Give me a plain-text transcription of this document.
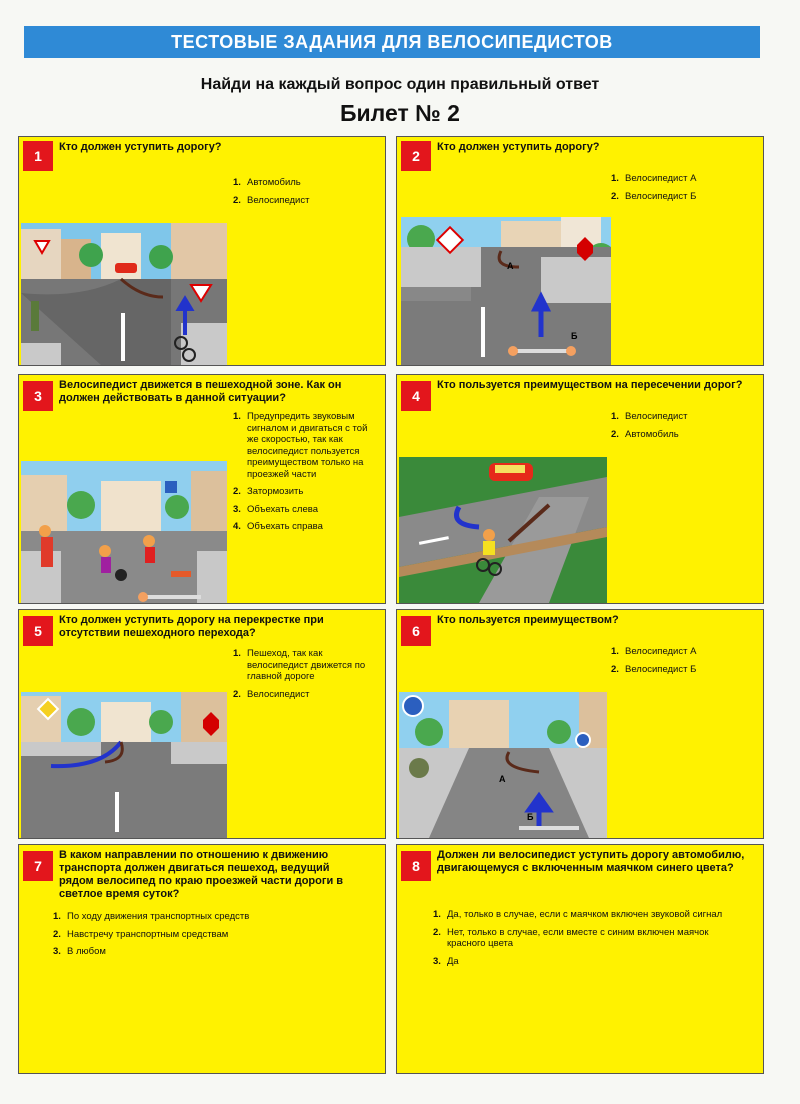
ТЕСТОВЫЕ ЗАДАНИЯ ДЛЯ ВЕЛОСИПЕДИСТОВ
Найди на каждый вопрос один правильный ответ
Билет № 2
1
Кто должен уступить дорогу?
1. Автомобиль
2. Велосипедист
2
Кто должен уступить дорогу?
1. Велосипедист А
2. Велосипедист Б
А
Б
3
Велосипедист движется в пешеходной зоне. Как он должен действовать в данной ситуации?
1. Предупредить звуковым сигналом и двигаться с той же скоростью, так как велосипедист пользуется преимуществом только на проезжей части
2. Затормозить
3. Объехать слева
4. Объехать справа
4
Кто пользуется преимуществом на пересечении дорог?
1. Велосипедист
2. Автомобиль
5
Кто должен уступить дорогу на перекрестке при отсутствии пешеходного перехода?
1. Пешеход, так как велосипедист движется по главной дороге
2. Велосипедист
6
Кто пользуется преимуществом?
1. Велосипедист А
2. Велосипедист Б
А
Б
7
В каком направлении по отношению к движению транспорта должен двигаться пешеход, ведущий рядом велосипед по краю проезжей части дороги в светлое время суток?
1. По ходу движения транспортных средств
2. Навстречу транспортным средствам
3. В любом
8
Должен ли велосипедист уступить дорогу автомобилю, двигающемуся с включенным маячком синего цвета?
1. Да, только в случае, если с маячком включен звуковой сигнал
2. Нет, только в случае, если вместе с синим включен маячок красного цвета
3. Да
